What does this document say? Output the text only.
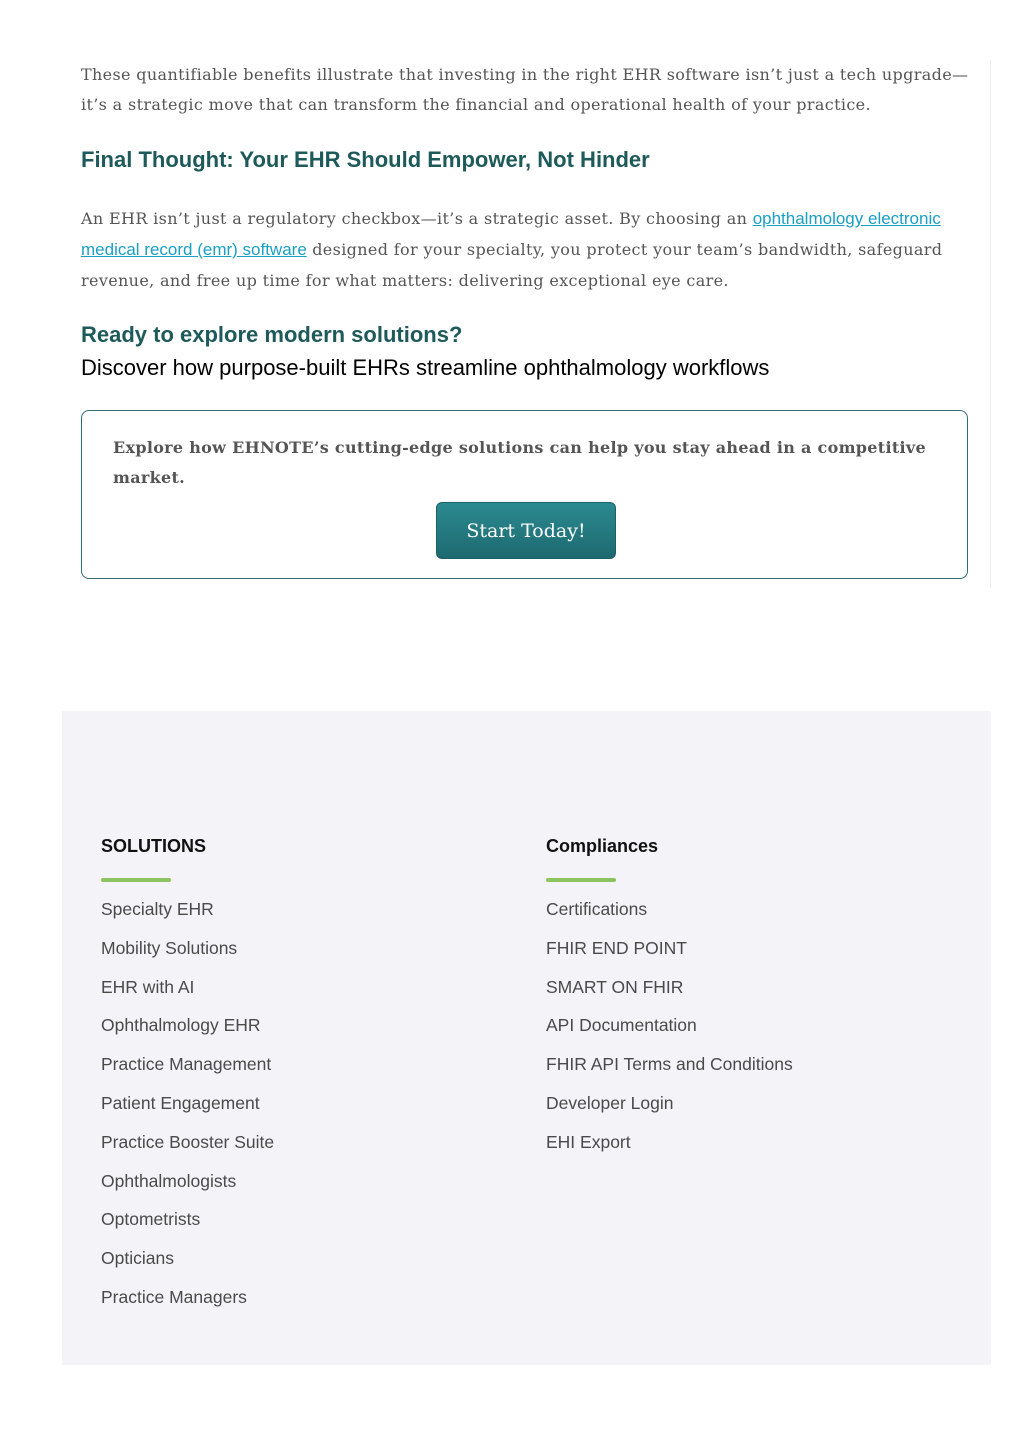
These quantifiable benefits illustrate that investing in the right EHR software isn’t just a tech upgrade—it’s a strategic move that can transform the financial and operational health of your practice.

Final Thought: Your EHR Should Empower, Not Hinder

An EHR isn’t just a regulatory checkbox—it’s a strategic asset. By choosing an ophthalmology electronic medical record (emr) software designed for your specialty, you protect your team’s bandwidth, safeguard revenue, and free up time for what matters: delivering exceptional eye care.

Ready to explore modern solutions?

Discover how purpose-built EHRs streamline ophthalmology workflows

Explore how EHNOTE’s cutting-edge solutions can help you stay ahead in a competitive market.

Start Today!
SOLUTIONS
Specialty EHR
Mobility Solutions
EHR with AI
Ophthalmology EHR
Practice Management
Patient Engagement
Practice Booster Suite
Ophthalmologists
Optometrists
Opticians
Practice Managers
Compliances
Certifications
FHIR END POINT
SMART ON FHIR
API Documentation
FHIR API Terms and Conditions
Developer Login
EHI Export
